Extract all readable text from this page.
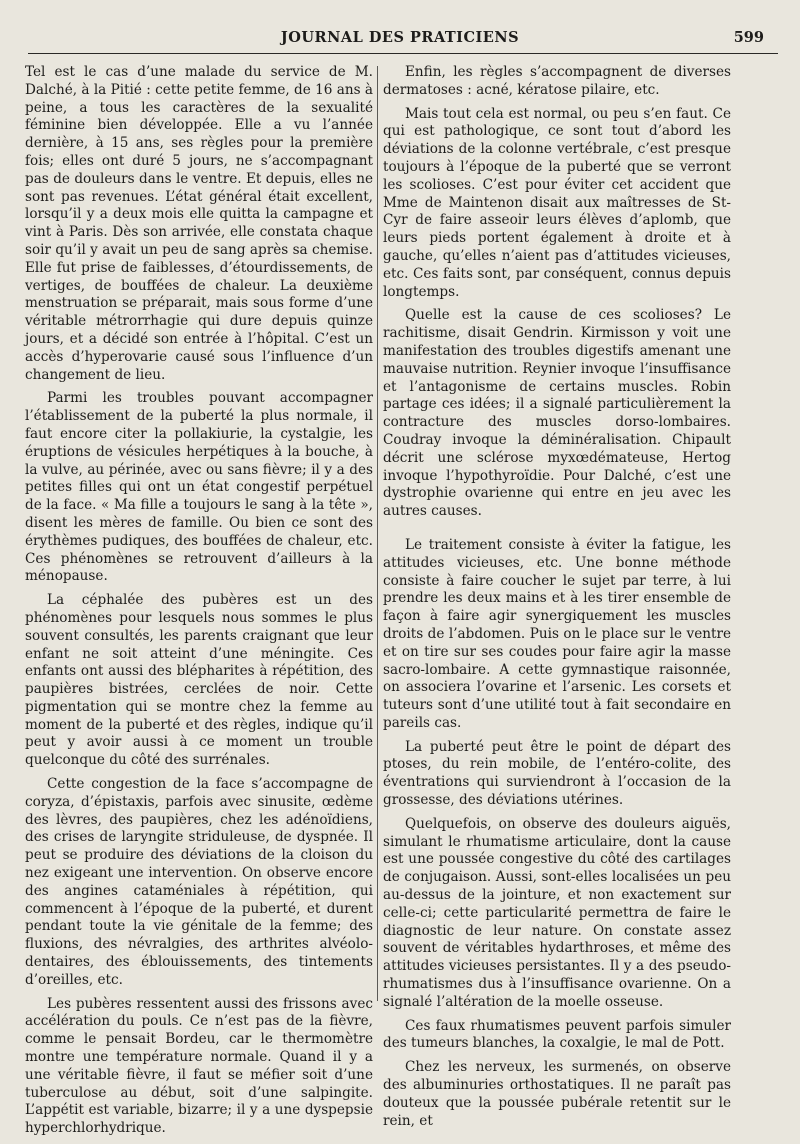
JOURNAL DES PRATICIENS	599

Tel est le cas d’une malade du service de M. Dalché, à la Pitié : cette petite femme, de 16 ans à peine, a tous les caractères de la sexualité féminine bien développée. Elle a vu l’année dernière, à 15 ans, ses règles pour la première fois; elles ont duré 5 jours, ne s’accompagnant pas de douleurs dans le ventre. Et depuis, elles ne sont pas revenues. L’état général était excellent, lorsqu’il y a deux mois elle quitta la campagne et vint à Paris. Dès son arrivée, elle constata chaque soir qu’il y avait un peu de sang après sa chemise. Elle fut prise de faiblesses, d’étourdissements, de vertiges, de bouffées de chaleur. La deuxième menstruation se préparait, mais sous forme d’une véritable métrorrhagie qui dure depuis quinze jours, et a décidé son entrée à l’hôpital. C’est un accès d’hyperovarie causé sous l’influence d’un changement de lieu.

Parmi les troubles pouvant accompagner l’établissement de la puberté la plus normale, il faut encore citer la pollakiurie, la cystalgie, les éruptions de vésicules herpétiques à la bouche, à la vulve, au périnée, avec ou sans fièvre; il y a des petites filles qui ont un état congestif perpétuel de la face. « Ma fille a toujours le sang à la tête », disent les mères de famille. Ou bien ce sont des érythèmes pudiques, des bouffées de chaleur, etc. Ces phénomènes se retrouvent d’ailleurs à la ménopause.

La céphalée des pubères est un des phénomènes pour lesquels nous sommes le plus souvent consultés, les parents craignant que leur enfant ne soit atteint d’une méningite. Ces enfants ont aussi des blépharites à répétition, des paupières bistrées, cerclées de noir. Cette pigmentation qui se montre chez la femme au moment de la puberté et des règles, indique qu’il peut y avoir aussi à ce moment un trouble quelconque du côté des surrénales.

Cette congestion de la face s’accompagne de coryza, d’épistaxis, parfois avec sinusite, œdème des lèvres, des paupières, chez les adénoïdiens, des crises de laryngite striduleuse, de dyspnée. Il peut se produire des déviations de la cloison du nez exigeant une intervention. On observe encore des angines cataméniales à répétition, qui commencent à l’époque de la puberté, et durent pendant toute la vie génitale de la femme; des fluxions, des névralgies, des arthrites alvéolo-dentaires, des éblouissements, des tintements d’oreilles, etc.

Les pubères ressentent aussi des frissons avec accélération du pouls. Ce n’est pas de la fièvre, comme le pensait Bordeu, car le thermomètre montre une température normale. Quand il y a une véritable fièvre, il faut se méfier soit d’une tuberculose au début, soit d’une salpingite. L’appétit est variable, bizarre; il y a une dyspepsie hyperchlorhydrique.

Enfin, les règles s’accompagnent de diverses dermatoses : acné, kératose pilaire, etc.

Mais tout cela est normal, ou peu s’en faut. Ce qui est pathologique, ce sont tout d’abord les déviations de la colonne vertébrale, c’est presque toujours à l’époque de la puberté que se verront les scolioses. C’est pour éviter cet accident que Mme de Maintenon disait aux maîtresses de St-Cyr de faire asseoir leurs élèves d’aplomb, que leurs pieds portent également à droite et à gauche, qu’elles n’aient pas d’attitudes vicieuses, etc. Ces faits sont, par conséquent, connus depuis longtemps.

Quelle est la cause de ces scolioses? Le rachitisme, disait Gendrin. Kirmisson y voit une manifestation des troubles digestifs amenant une mauvaise nutrition. Reynier invoque l’insuffisance et l’antagonisme de certains muscles. Robin partage ces idées; il a signalé particulièrement la contracture des muscles dorso-lombaires. Coudray invoque la déminéralisation. Chipault décrit une sclérose myxœdémateuse, Hertog invoque l’hypothyroïdie. Pour Dalché, c’est une dystrophie ovarienne qui entre en jeu avec les autres causes.

Le traitement consiste à éviter la fatigue, les attitudes vicieuses, etc. Une bonne méthode consiste à faire coucher le sujet par terre, à lui prendre les deux mains et à les tirer ensemble de façon à faire agir synergiquement les muscles droits de l’abdomen. Puis on le place sur le ventre et on tire sur ses coudes pour faire agir la masse sacro-lombaire. A cette gymnastique raisonnée, on associera l’ovarine et l’arsenic. Les corsets et tuteurs sont d’une utilité tout à fait secondaire en pareils cas.

La puberté peut être le point de départ des ptoses, du rein mobile, de l’entéro-colite, des éventrations qui surviendront à l’occasion de la grossesse, des déviations utérines.

Quelquefois, on observe des douleurs aiguës, simulant le rhumatisme articulaire, dont la cause est une poussée congestive du côté des cartilages de conjugaison. Aussi, sont-elles localisées un peu au-dessus de la jointure, et non exactement sur celle-ci; cette particularité permettra de faire le diagnostic de leur nature. On constate assez souvent de véritables hydarthroses, et même des attitudes vicieuses persistantes. Il y a des pseudo-rhumatismes dus à l’insuffisance ovarienne. On a signalé l’altération de la moelle osseuse.

Ces faux rhumatismes peuvent parfois simuler des tumeurs blanches, la coxalgie, le mal de Pott.

Chez les nerveux, les surmenés, on observe des albuminuries orthostatiques. Il ne paraît pas douteux que la poussée pubérale retentit sur le rein, et
